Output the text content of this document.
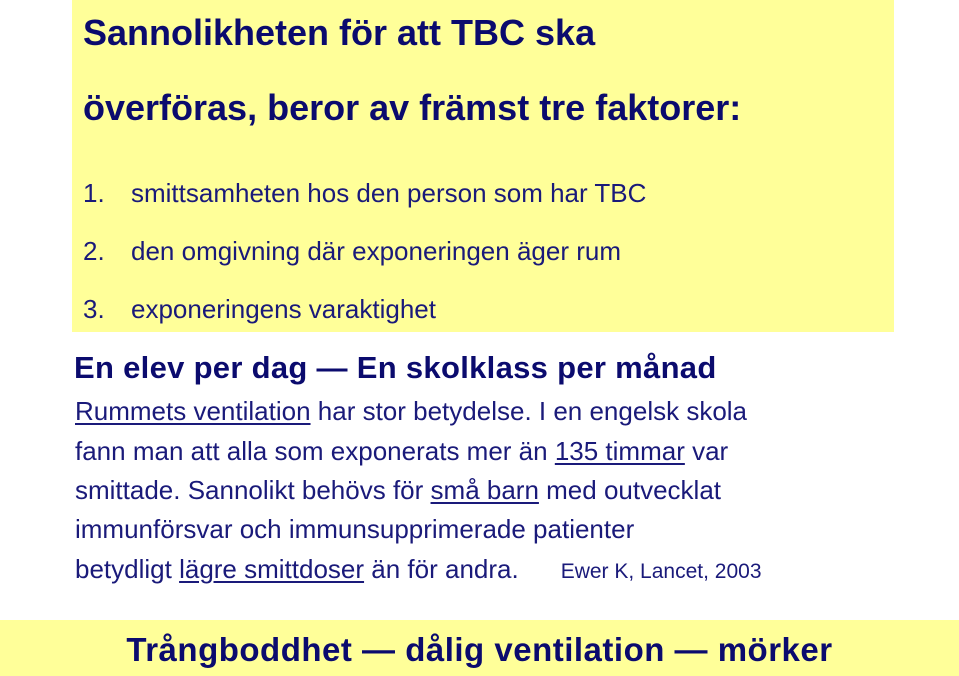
Sannolikheten för att TBC ska
överföras, beror av främst tre faktorer:
1. smittsamheten hos den person som har TBC
2. den omgivning där exponeringen äger rum
3. exponeringens varaktighet
En elev per dag — En skolklass per månad
Rummets ventilation har stor betydelse. I en engelsk skola
fann man att alla som exponerats mer än 135 timmar var
smittade. Sannolikt behövs för små barn med outvecklat
immunförsvar och immunsupprimerade patienter
betydligt lägre smittdoser än för andra. Ewer K, Lancet, 2003
Trångboddhet — dålig ventilation — mörker
